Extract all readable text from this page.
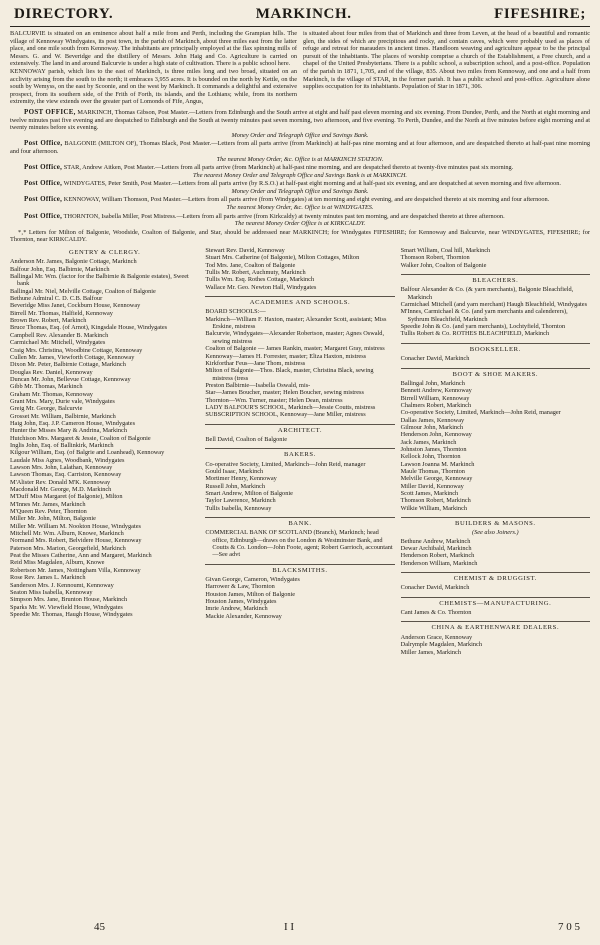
DIRECTORY.	MARKINCH.	FIFESHIRE;

BALCURVIE is situated on an eminence about half a mile from and Perth, including the Grampian hills. The village of Kennoway Windygates, its post town, in the parish of Markinch, about three miles east from the latter place, and one mile south from Kennoway. The inhabitants are principally employed at the flax spinning mills of Messrs. G. and W. Beveridge and the distillery of Messrs. John Haig and Co. Agriculture is carried on extensively. The land in and around Balcurvie is under a high state of cultivation. There is a public school here.

KENNOWAY parish, which lies to the east of Markinch, is three miles long and two broad, situated on an acclivity arising from the south to the north; it embraces 3,955 acres. It is bounded on the north by Kettle, on the south by Wemyss, on the east by Scoonie, and on the west by Markinch. It commands a delightful and extensive prospect, from its southern side, of the Frith of Forth, its islands, and the Lothians; while, from its northern extremity, the view extends over the greater part of Lomonds of Fife, Angus,

is situated about four miles from that of Markinch and three from Leven, at the head of a beautiful and romantic glen, the sides of which are precipitous and rocky, and contain caves, which were probably used as places of refuge and retreat for marauders in ancient times. Handloom weaving and agriculture appear to be the principal pursuit of the inhabitants. The places of worship comprise a church of the Establishment, a Free church, and a chapel of the United Presbyterians. There is a public school, a subscription school, and a post-office. Population of the parish in 1871, 1,705, and of the village, 835. About two miles from Kennoway, and one and a half from Markinch, is the village of STAR, in the former parish. It has a public school and post-office. Agriculture alone supplies occupation for its inhabitants. Population of Star in 1871, 306.

POST OFFICE, MARKINCH, Thomas Gibson, Post Master.—Letters from Edinburgh and the South arrive at eight and half past eleven morning and six evening. From Dundee, Perth, and the North at eight morning and twelve minutes past five evening and are despatched to Edinburgh and the South at twenty minutes past seven morning, two afternoon, and five evening. To Perth, Dundee, and the North at five minutes before eight morning and at twenty minutes before six evening.

Money Order and Telegraph Office and Savings Bank.

Post Office, BALGONIE (MILTON OF), Thomas Black, Post Master.—Letters from all parts arrive (from Markinch) at half-pas nine morning and at four afternoon, and are despatched thereto at half-past nine morning and four afternoon.

The nearest Money Order, &c. Office is at MARKINCH STATION.

Post Office, STAR, Andrew Aitken, Post Master.—Letters from all parts arrive (from Markinch) at half-past nine morning, and are despatched thereto at twenty-five minutes past six morning.

The nearest Money Order and Telegraph Office and Savings Bank is at MARKINCH.

Post Office, WINDYGATES, Peter Smith, Post Master.—Letters from all parts arrive (by R.S.O.) at half-past eight morning and at half-past six evening, and are despatched at seven morning and five afternoon.

Money Order and Telegraph Office and Savings Bank.

Post Office, KENNOWAY, William Thomson, Post Master.—Letters from all parts arrive (from Windygates) at ten morning and eight evening, and are despatched thereto at six morning and four afternoon.

The nearest Money Order, &c. Office is at WINDYGATES.

Post Office, THORNTON, Isabella Miller, Post Mistress.—Letters from all parts arrive (from Kirkcaldy) at twenty minutes past ten morning, and are despatched thereto at three afternoon.

The nearest Money Order Office is at KIRKCALDY.

*‚* Letters for Milton of Balgonie, Woodside, Coalton of Balgonie, and Star, should be addressed near MARKINCH; for Windygates FIFESHIRE; for Kennoway and Balcurvie, near WINDYGATES, FIFESHIRE; for Thornton, near KIRKCALDY.

GENTRY & CLERGY.

Anderson Mr. James, Balgonie Cottage, Markinch

Balfour John, Esq. Balbirnie, Markinch

Ballingal Mr. Wm. (factor for the Balbirnie & Balgonie estates), Sweet bank

Ballingal Mr. Niel, Melville Cottage, Coalton of Balgonie

Bethune Admiral C. D. C.B. Balfour

Beveridge Miss Janet, Cockburn House, Kennoway

Birrell Mr. Thomas, Halfield, Kennoway

Brown Rev. Robert, Markinch

Bruce Thomas, Esq. (of Arnot), Kingsdale House, Windygates

Campbell Rev. Alexander B. Markinch

Carmichael Mr. Mitchell, Windygates

Craig Mrs. Christina, Woodbine Cottage, Kennoway

Cullen Mr. James, Viewforth Cottage, Kennoway

Dixon Mr. Peter, Balbirnie Cottage, Markinch

Douglas Rev. Daniel, Kennoway

Duncan Mr. John, Bellevue Cottage, Kennoway

Gibb Mr. Thomas, Markinch

Graham Mr. Thomas, Kennoway

Grant Mrs. Mary, Durie vale, Windygates

Greig Mr. George, Balcurvie

Grosset Mr. William, Balbirnie, Markinch

Haig John, Esq. J.P. Cameron House, Windygates

Hunter the Misses Mary & Andrina, Markinch

Hutchison Mrs. Margaret & Jessie, Coalton of Balgonie

Inglis John, Esq. of Ballinkirk, Markinch

Kilgour William, Esq. (of Balgrie and Loanhead), Kennoway

Laudale Miss Agnes, Woodbank, Windygates

Lawson Mrs. John, Lalathan, Kennoway

Lawson Thomas, Esq. Carriston, Kennoway

M'Alister Rev. Donald M'K. Kennoway

Macdonald Mr. George, M.D. Markinch

M'Duff Miss Margaret (of Balgonie), Milton

M'Innes Mr. James, Markinch

M'Queen Rev. Peter, Thornton

Miller Mr. John, Milton, Balgonie

Miller Mr. William M. Nookton House, Windygates

Mitchell Mr. Wm. Alburn, Knowe, Markinch

Normand Mrs. Robert, Belvidere House, Kennoway

Paterson Mrs. Marion, Georgefield, Markinch

Peat the Misses Catherine, Ann and Margaret, Markinch

Reid Miss Magdalen, Alburn, Knowe

Robertson Mr. James, Nottingham Villa, Kennoway

Rose Rev. James L. Markinch

Sanderson Mrs. J. Kennoumt, Kennoway

Seaton Miss Isabella, Kennoway

Simpson Mrs. Jane, Brunton House, Markinch

Sparks Mr. W. Viewfield House, Windygates

Speedie Mr. Thomas, Haugh House, Windygates

Stewart Rev. David, Kennoway

Stuart Mrs. Catherine (of Balgonie), Milton Cottages, Milton

Tod Mrs. Jane, Coalton of Balgonie

Tullis Mr. Robert, Auchmuty, Markinch

Tullis Wm. Esq. Rothes Cottage, Markinch

Wallace Mr. Geo. Newton Hall, Windygates

ACADEMIES AND SCHOOLS.

BOARD SCHOOLS:—

Markinch—William F. Haxton, master; Alexander Scott, assistant; Miss Erskine, mistress

Balcurvie, Windygates—Alexander Robertson, master; Agnes Oswald, sewing mistress

Coalton of Balgonie — James Rankin, master; Margaret Gray, mistress

Kennoway—James H. Forrester, master; Eliza Haxton, mistress

Kirkforthar Feus—Jane Thom, mistress

Milton of Balgonie—Thos. Black, master, Christina Black, sewing mistress (tress

Preston Balbirnie—Isabella Oswald, mis-

Star—James Boucher, master; Helen Boucher, sewing mistress

Thornton—Wm. Turner, master; Helen Dean, mistress

LADY BALFOUR'S SCHOOL, Markinch—Jessie Coutts, mistress

SUBSCRIPTION SCHOOL, Kennoway—Jane Miller, mistress

ARCHITECT.

Bell David, Coalton of Balgonie

BAKERS.

Co-operative Society, Limited, Markinch—John Reid, manager

Gould Isaac, Markinch

Mortimer Henry, Kennoway

Russell John, Markinch

Smart Andrew, Milton of Balgonie

Taylor Lawrence, Markinch

Tullis Isabella, Kennoway

BANK.

COMMERCIAL BANK OF SCOTLAND (Branch), Markinch; head office, Edinburgh—draws on the London & Westminster Bank, and Coutts & Co. London—John Foote, agent; Robert Garrioch, accountant—See advt

BLACKSMITHS.

Givan George, Cameron, Windygates

Harrower & Law, Thornton

Houston James, Milton of Balgonie

Houston James, Windygates

Imrie Andrew, Markinch

Mackie Alexander, Kennoway

Smart William, Coal hill, Markinch

Thomson Robert, Thornton

Walker John, Coalton of Balgonie

BLEACHERS.

Balfour Alexander & Co. (& yarn merchants), Balgonie Bleachfield, Markinch

Carmichael Mitchell (and yarn merchant) Haugh Bleachfield, Windygates

M'Innes, Carmichael & Co. (and yarn merchants and calenderers), Sythrum Bleachfield, Markinch

Speedie John & Co. (and yarn merchants), Lochtyfield, Thornton

Tullis Robert & Co. ROTHES BLEACHFIELD, Markinch

BOOKSELLER.

Conacher David, Markinch

BOOT & SHOE MAKERS.

Ballingal John, Markinch

Bennett Andrew, Kennoway

Birrell William, Kennoway

Chalmers Robert, Markinch

Co-operative Society, Limited, Markinch—John Reid, manager

Dallas James, Kennoway

Gilmour John, Markinch

Henderson John, Kennoway

Jack James, Markinch

Johnston James, Thornton

Kellock John, Thornton

Lawson Joanna M. Markinch

Maule Thomas, Thornton

Melville George, Kennoway

Miller David, Kennoway

Scott James, Markinch

Thomson Robert, Markinch

Wilkie William, Markinch

BUILDERS & MASONS.
(See also Joiners.)

Bethune Andrew, Markinch

Dewar Archibald, Markinch

Henderson Robert, Markinch

Henderson William, Markinch

CHEMIST & DRUGGIST.

Conacher David, Markinch

CHEMISTS—MANUFACTURING.

Cant James & Co. Thornton

CHINA & EARTHENWARE DEALERS.

Anderson Grace, Kennoway

Dalrymple Magdalen, Markinch

Miller James, Markinch

45	I I	7 0 5
